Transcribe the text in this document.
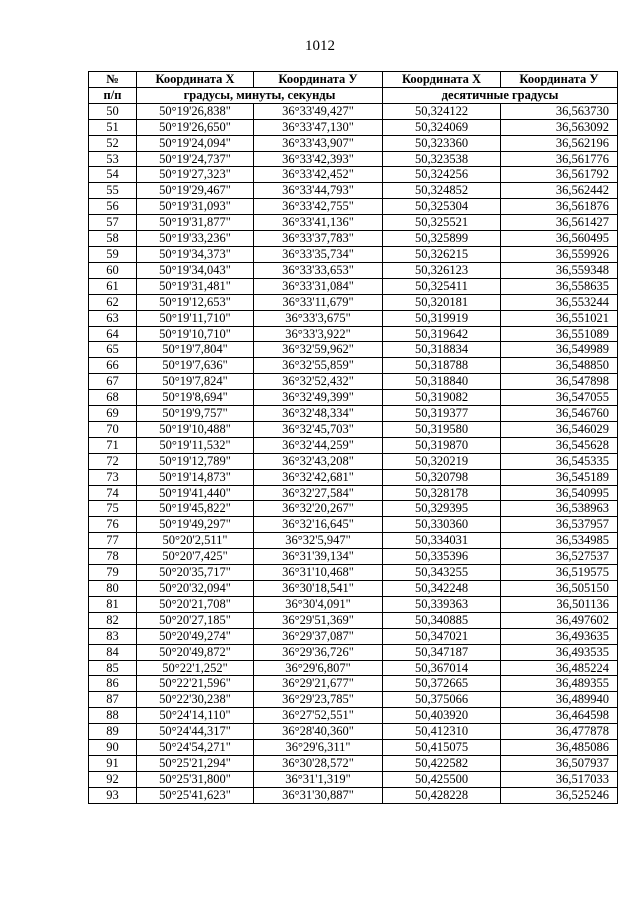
1012
№	Координата Х	Координата У	Координата Х	Координата У
п/п	градусы, минуты, секунды		десятичные градусы	
50	50°19'26,838"	36°33'49,427"	50,324122	36,563730
51	50°19'26,650"	36°33'47,130"	50,324069	36,563092
52	50°19'24,094"	36°33'43,907"	50,323360	36,562196
53	50°19'24,737"	36°33'42,393"	50,323538	36,561776
54	50°19'27,323"	36°33'42,452"	50,324256	36,561792
55	50°19'29,467"	36°33'44,793"	50,324852	36,562442
56	50°19'31,093"	36°33'42,755"	50,325304	36,561876
57	50°19'31,877"	36°33'41,136"	50,325521	36,561427
58	50°19'33,236"	36°33'37,783"	50,325899	36,560495
59	50°19'34,373"	36°33'35,734"	50,326215	36,559926
60	50°19'34,043"	36°33'33,653"	50,326123	36,559348
61	50°19'31,481"	36°33'31,084"	50,325411	36,558635
62	50°19'12,653"	36°33'11,679"	50,320181	36,553244
63	50°19'11,710"	36°33'3,675"	50,319919	36,551021
64	50°19'10,710"	36°33'3,922"	50,319642	36,551089
65	50°19'7,804"	36°32'59,962"	50,318834	36,549989
66	50°19'7,636"	36°32'55,859"	50,318788	36,548850
67	50°19'7,824"	36°32'52,432"	50,318840	36,547898
68	50°19'8,694"	36°32'49,399"	50,319082	36,547055
69	50°19'9,757"	36°32'48,334"	50,319377	36,546760
70	50°19'10,488"	36°32'45,703"	50,319580	36,546029
71	50°19'11,532"	36°32'44,259"	50,319870	36,545628
72	50°19'12,789"	36°32'43,208"	50,320219	36,545335
73	50°19'14,873"	36°32'42,681"	50,320798	36,545189
74	50°19'41,440"	36°32'27,584"	50,328178	36,540995
75	50°19'45,822"	36°32'20,267"	50,329395	36,538963
76	50°19'49,297"	36°32'16,645"	50,330360	36,537957
77	50°20'2,511"	36°32'5,947"	50,334031	36,534985
78	50°20'7,425"	36°31'39,134"	50,335396	36,527537
79	50°20'35,717"	36°31'10,468"	50,343255	36,519575
80	50°20'32,094"	36°30'18,541"	50,342248	36,505150
81	50°20'21,708"	36°30'4,091"	50,339363	36,501136
82	50°20'27,185"	36°29'51,369"	50,340885	36,497602
83	50°20'49,274"	36°29'37,087"	50,347021	36,493635
84	50°20'49,872"	36°29'36,726"	50,347187	36,493535
85	50°22'1,252"	36°29'6,807"	50,367014	36,485224
86	50°22'21,596"	36°29'21,677"	50,372665	36,489355
87	50°22'30,238"	36°29'23,785"	50,375066	36,489940
88	50°24'14,110"	36°27'52,551"	50,403920	36,464598
89	50°24'44,317"	36°28'40,360"	50,412310	36,477878
90	50°24'54,271"	36°29'6,311"	50,415075	36,485086
91	50°25'21,294"	36°30'28,572"	50,422582	36,507937
92	50°25'31,800"	36°31'1,319"	50,425500	36,517033
93	50°25'41,623"	36°31'30,887"	50,428228	36,525246
